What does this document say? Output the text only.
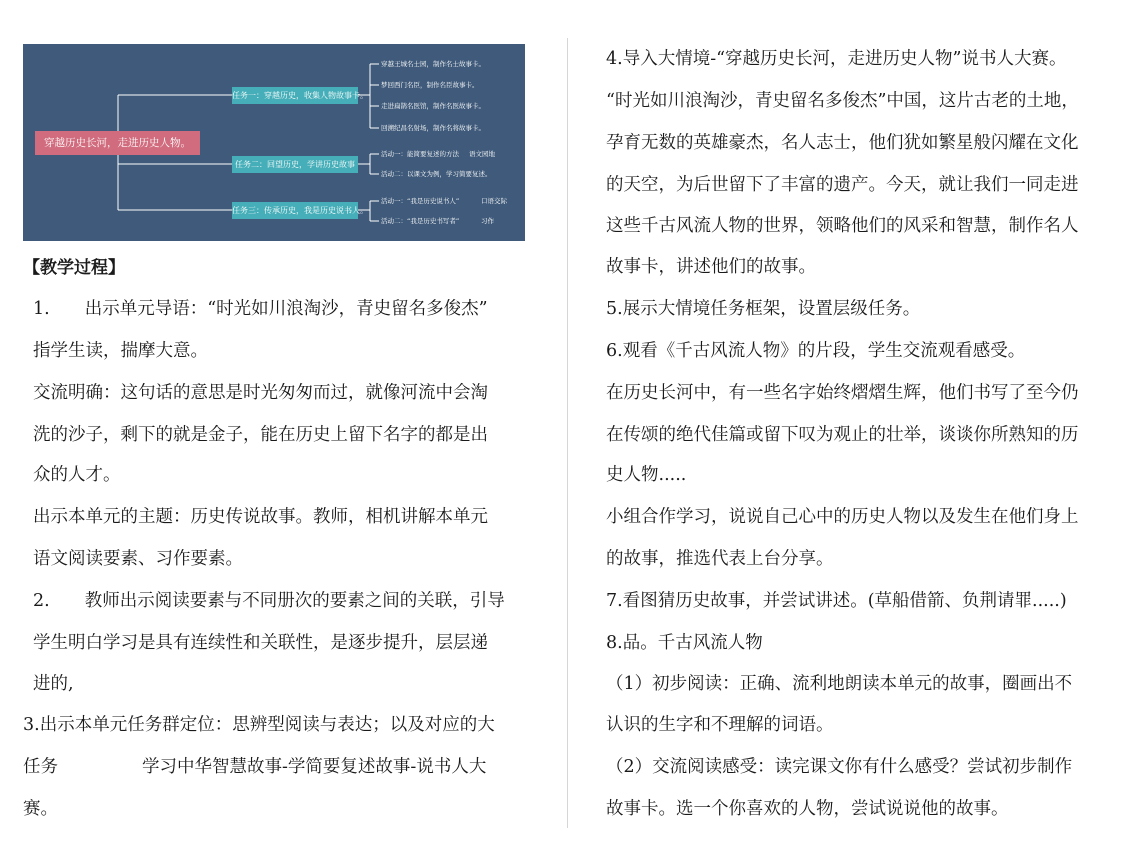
穿越历史长河，走进历史人物。
任务一：穿越历史，收集人物故事卡。
任务二：回望历史，学讲历史故事
任务三：传承历史，我是历史说书人。
穿越王城名士园，制作名士故事卡。
梦回西门名臣，制作名臣故事卡。
走进扁鹊名医馆，制作名医故事卡。
回溯纪昌名射场，制作名将故事卡。
活动一：能简要复述的方法 语文园地
活动二：以课文为例，学习简要复述。
活动一：“我是历史说书人”	口语交际
活动二：“我是历史书写者”	习作
【教学过程】
1.　　出示单元导语：“时光如川浪淘沙，青史留名多俊杰”
指学生读，揣摩大意。
交流明确：这句话的意思是时光匆匆而过，就像河流中会淘
洗的沙子，剩下的就是金子，能在历史上留下名字的都是出
众的人才。
出示本单元的主题：历史传说故事。教师，相机讲解本单元
语文阅读要素、习作要素。
2.　　教师出示阅读要素与不同册次的要素之间的关联，引导
学生明白学习是具有连续性和关联性，是逐步提升，层层递
进的,
3.出示本单元任务群定位：思辨型阅读与表达；以及对应的大
任务	学习中华智慧故事-学简要复述故事-说书人大
赛。
4.导入大情境-“穿越历史长河，走进历史人物”说书人大赛。
“时光如川浪淘沙，青史留名多俊杰”中国，这片古老的土地，
孕育无数的英雄豪杰，名人志士，他们犹如繁星般闪耀在文化
的天空，为后世留下了丰富的遗产。今天，就让我们一同走进
这些千古风流人物的世界，领略他们的风采和智慧，制作名人
故事卡，讲述他们的故事。
5.展示大情境任务框架，设置层级任务。
6.观看《千古风流人物》的片段，学生交流观看感受。
在历史长河中，有一些名字始终熠熠生辉，他们书写了至今仍
在传颂的绝代佳篇或留下叹为观止的壮举，谈谈你所熟知的历
史人物.....
小组合作学习，说说自己心中的历史人物以及发生在他们身上
的故事，推选代表上台分享。
7.看图猜历史故事，并尝试讲述。(草船借箭、负荆请罪.....)
8.品。千古风流人物
（1）初步阅读：正确、流利地朗读本单元的故事，圈画出不
认识的生字和不理解的词语。
（2）交流阅读感受：读完课文你有什么感受？尝试初步制作
故事卡。选一个你喜欢的人物，尝试说说他的故事。
